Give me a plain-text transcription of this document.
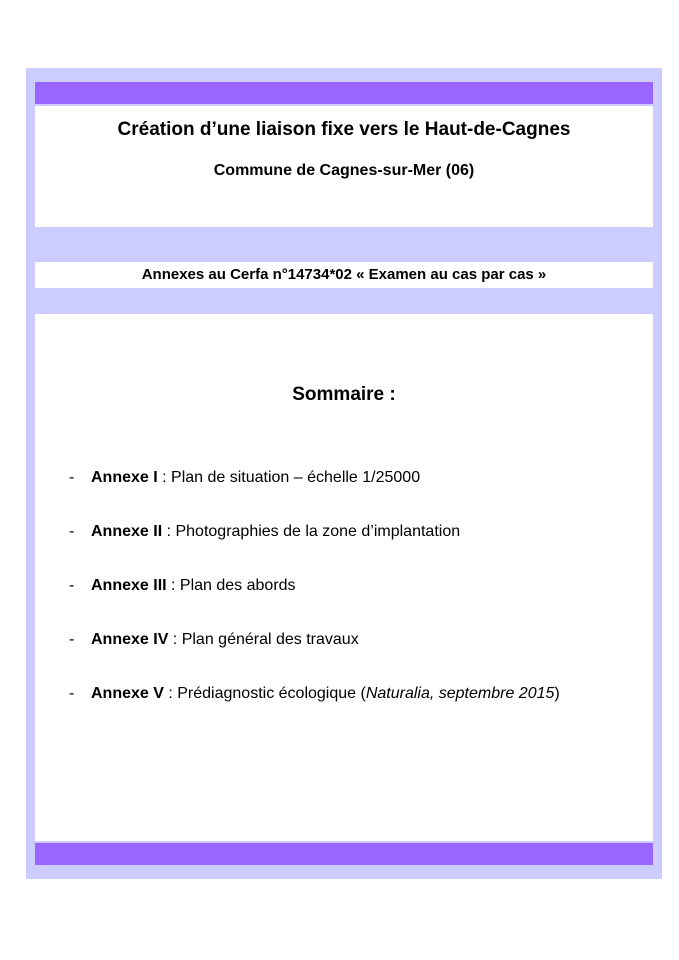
Création d’une liaison fixe vers le Haut-de-Cagnes
Commune de Cagnes-sur-Mer (06)
Annexes au Cerfa n°14734*02 « Examen au cas par cas »
Sommaire :
- Annexe I : Plan de situation – échelle 1/25000
- Annexe II : Photographies de la zone d’implantation
- Annexe III : Plan des abords
- Annexe IV : Plan général des travaux
- Annexe V : Prédiagnostic écologique (Naturalia, septembre 2015)
